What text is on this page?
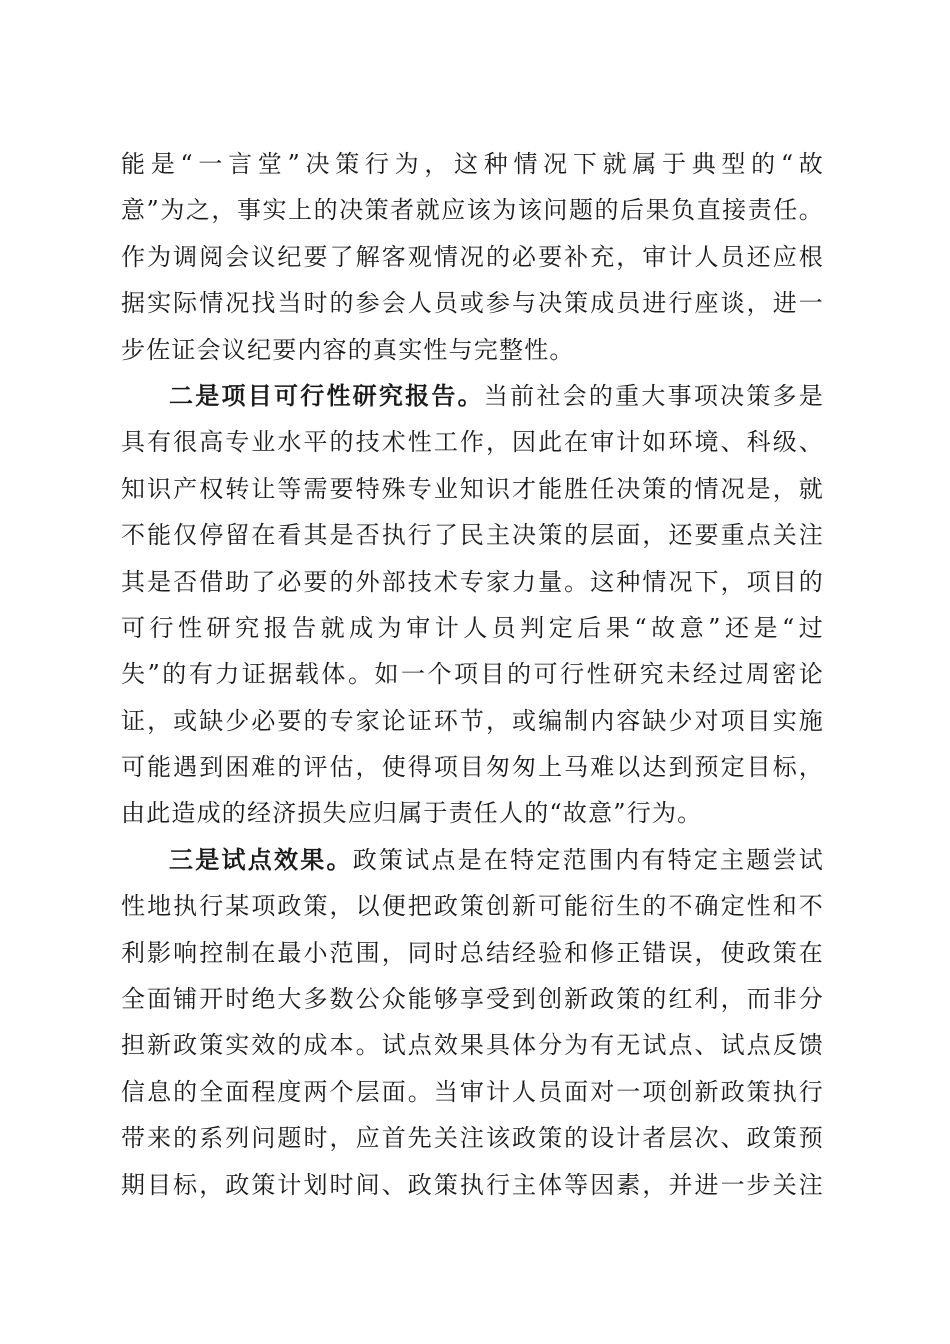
能是“一言堂”决策行为，这种情况下就属于典型的“故
意”为之，事实上的决策者就应该为该问题的后果负直接责任。
作为调阅会议纪要了解客观情况的必要补充，审计人员还应根
据实际情况找当时的参会人员或参与决策成员进行座谈，进一
步佐证会议纪要内容的真实性与完整性。
二是项目可行性研究报告。当前社会的重大事项决策多是
具有很高专业水平的技术性工作，因此在审计如环境、科级、
知识产权转让等需要特殊专业知识才能胜任决策的情况是，就
不能仅停留在看其是否执行了民主决策的层面，还要重点关注
其是否借助了必要的外部技术专家力量。这种情况下，项目的
可行性研究报告就成为审计人员判定后果“故意”还是“过
失”的有力证据载体。如一个项目的可行性研究未经过周密论
证，或缺少必要的专家论证环节，或编制内容缺少对项目实施
可能遇到困难的评估，使得项目匆匆上马难以达到预定目标，
由此造成的经济损失应归属于责任人的“故意”行为。
三是试点效果。政策试点是在特定范围内有特定主题尝试
性地执行某项政策，以便把政策创新可能衍生的不确定性和不
利影响控制在最小范围，同时总结经验和修正错误，使政策在
全面铺开时绝大多数公众能够享受到创新政策的红利，而非分
担新政策实效的成本。试点效果具体分为有无试点、试点反馈
信息的全面程度两个层面。当审计人员面对一项创新政策执行
带来的系列问题时，应首先关注该政策的设计者层次、政策预
期目标，政策计划时间、政策执行主体等因素，并进一步关注
